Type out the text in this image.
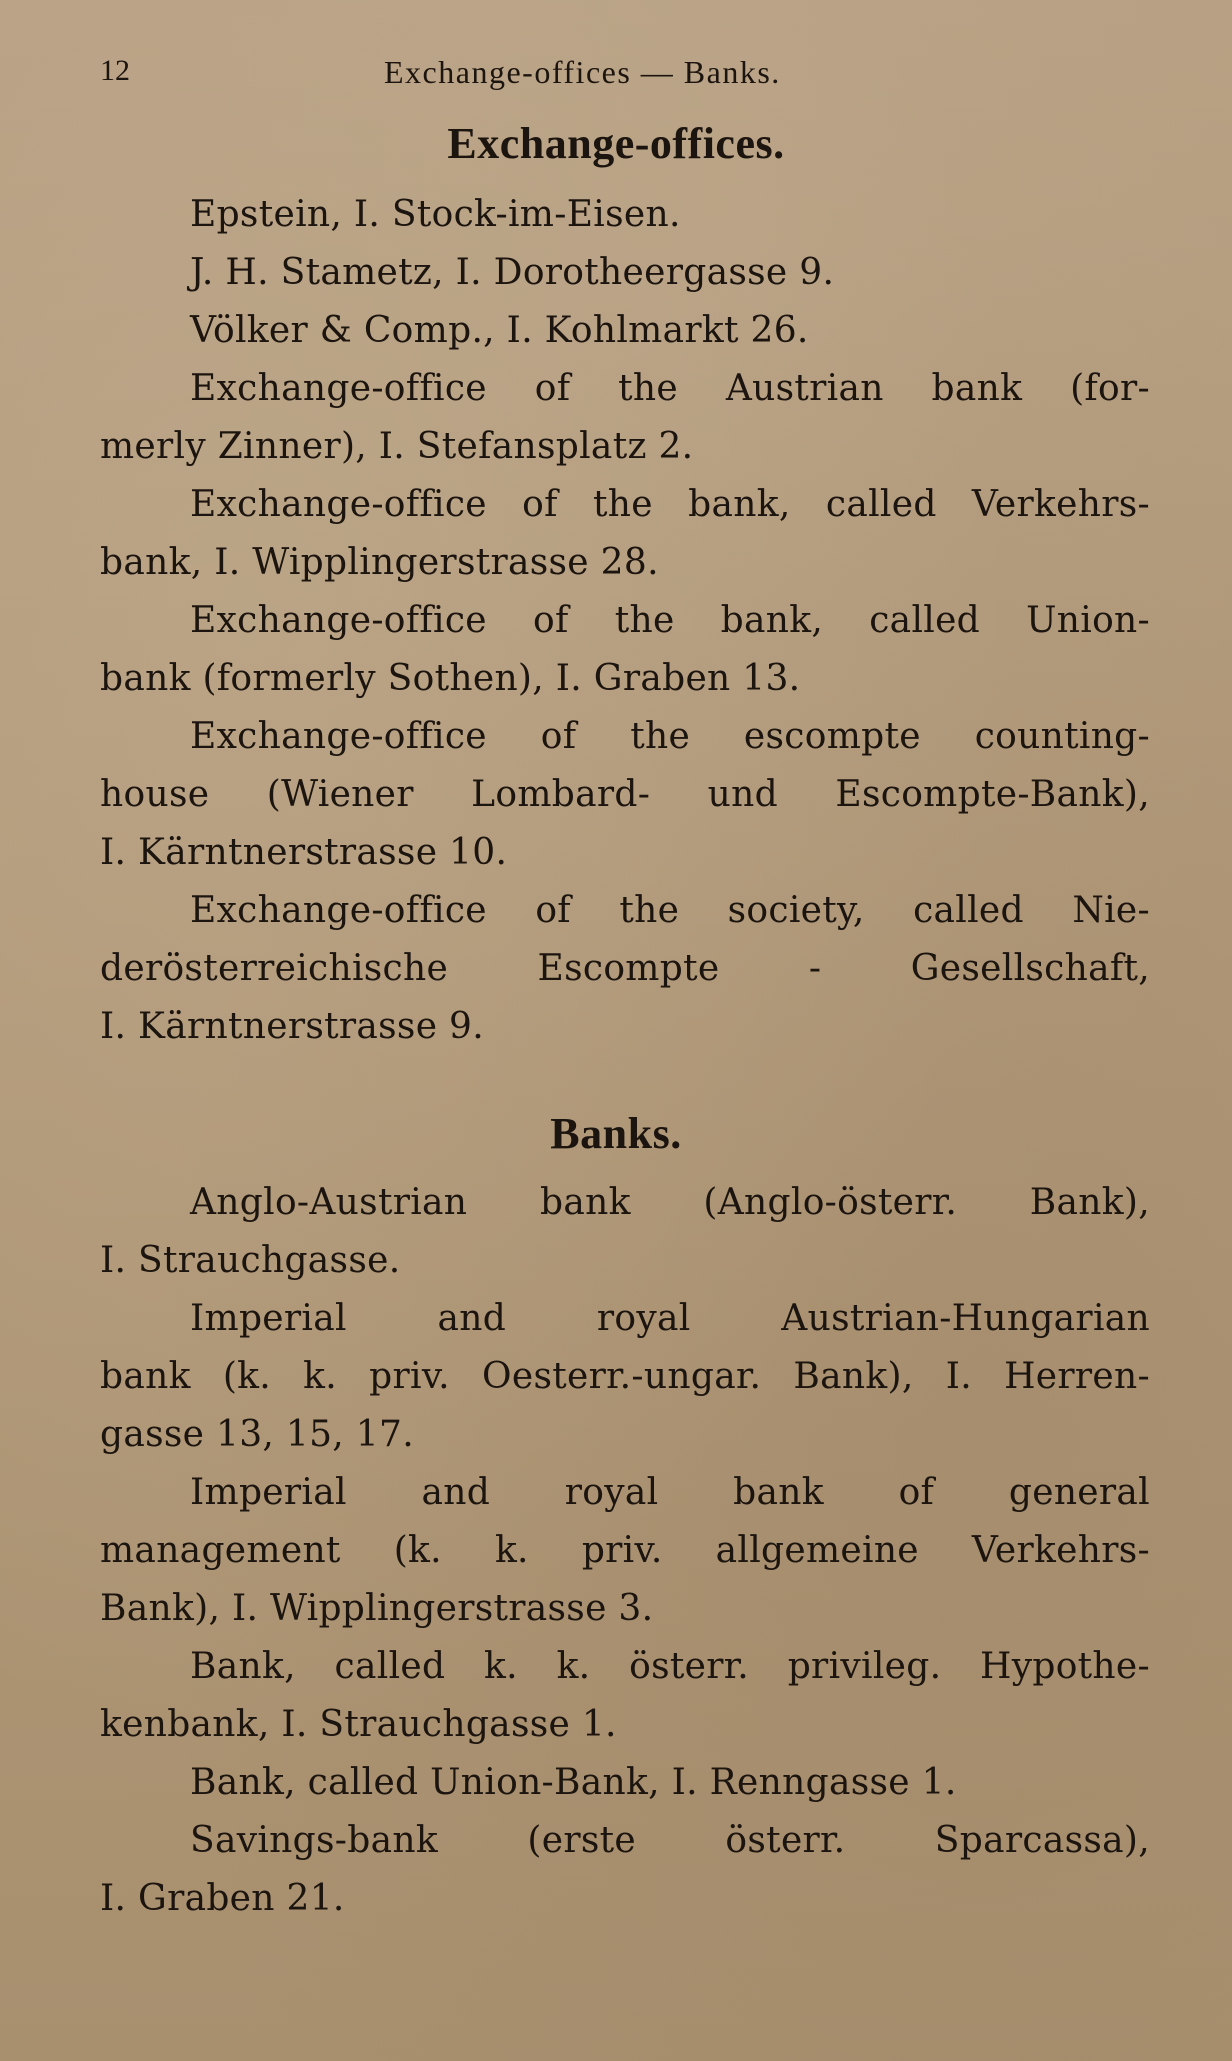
12	Exchange-offices — Banks.
Exchange-offices.
Epstein, I. Stock-im-Eisen.
J. H. Stametz, I. Dorotheergasse 9.
Völker & Comp., I. Kohlmarkt 26.
Exchange-office of the Austrian bank (for-
merly Zinner), I. Stefansplatz 2.
Exchange-office of the bank, called Verkehrs-
bank, I. Wipplingerstrasse 28.
Exchange-office of the bank, called Union-
bank (formerly Sothen), I. Graben 13.
Exchange-office of the escompte counting-
house (Wiener Lombard- und Escompte-Bank),
I. Kärntnerstrasse 10.
Exchange-office of the society, called Nie-
derösterreichische Escompte - Gesellschaft,
I. Kärntnerstrasse 9.
Banks.
Anglo-Austrian bank (Anglo-österr. Bank),
I. Strauchgasse.
Imperial and royal Austrian-Hungarian
bank (k. k. priv. Oesterr.-ungar. Bank), I. Herren-
gasse 13, 15, 17.
Imperial and royal bank of general
management (k. k. priv. allgemeine Verkehrs-
Bank), I. Wipplingerstrasse 3.
Bank, called k. k. österr. privileg. Hypothe-
kenbank, I. Strauchgasse 1.
Bank, called Union-Bank, I. Renngasse 1.
Savings-bank (erste österr. Sparcassa),
I. Graben 21.
